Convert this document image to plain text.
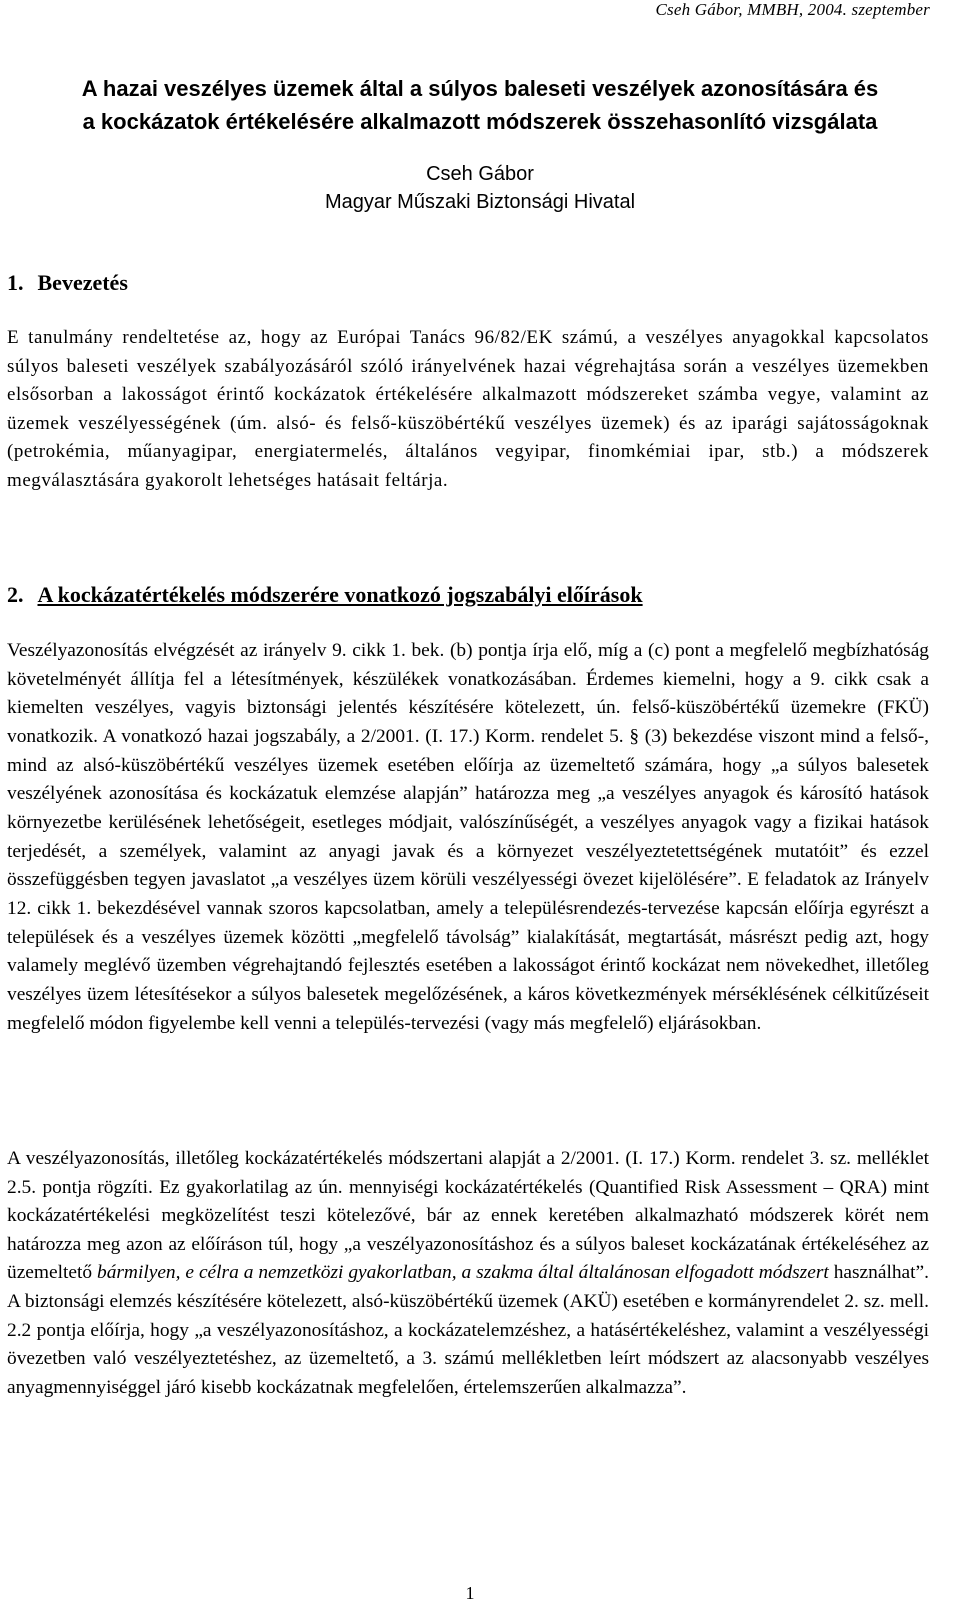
Cseh Gábor, MMBH, 2004. szeptember
A hazai veszélyes üzemek által a súlyos baleseti veszélyek azonosítására és
a kockázatok értékelésére alkalmazott módszerek összehasonlító vizsgálata
Cseh Gábor
Magyar Műszaki Biztonsági Hivatal
1. Bevezetés
E tanulmány rendeltetése az, hogy az Európai Tanács 96/82/EK számú, a veszélyes anyagokkal kapcsolatos súlyos baleseti veszélyek szabályozásáról szóló irányelvének hazai végrehajtása során a veszélyes üzemekben elsősorban a lakosságot érintő kockázatok értékelésére alkalmazott módszereket számba vegye, valamint az üzemek veszélyességének (úm. alsó- és felső-küszöbértékű veszélyes üzemek) és az iparági sajátosságoknak (petrokémia, műanyagipar, energiatermelés, általános vegyipar, finomkémiai ipar, stb.) a módszerek megválasztására gyakorolt lehetséges hatásait feltárja.
2. A kockázatértékelés módszerére vonatkozó jogszabályi előírások
Veszélyazonosítás elvégzését az irányelv 9. cikk 1. bek. (b) pontja írja elő, míg a (c) pont a megfelelő megbízhatóság követelményét állítja fel a létesítmények, készülékek vonatkozásában. Érdemes kiemelni, hogy a 9. cikk csak a kiemelten veszélyes, vagyis biztonsági jelentés készítésére kötelezett, ún. felső-küszöbértékű üzemekre (FKÜ) vonatkozik. A vonatkozó hazai jogszabály, a 2/2001. (I. 17.) Korm. rendelet 5. § (3) bekezdése viszont mind a felső-, mind az alsó-küszöbértékű veszélyes üzemek esetében előírja az üzemeltető számára, hogy „a súlyos balesetek veszélyének azonosítása és kockázatuk elemzése alapján” határozza meg „a veszélyes anyagok és károsító hatások környezetbe kerülésének lehetőségeit, esetleges módjait, valószínűségét, a veszélyes anyagok vagy a fizikai hatások terjedését, a személyek, valamint az anyagi javak és a környezet veszélyeztetettségének mutatóit” és ezzel összefüggésben tegyen javaslatot „a veszélyes üzem körüli veszélyességi övezet kijelölésére”. E feladatok az Irányelv 12. cikk 1. bekezdésével vannak szoros kapcsolatban, amely a településrendezés-tervezése kapcsán előírja egyrészt a települések és a veszélyes üzemek közötti „megfelelő távolság” kialakítását, megtartását, másrészt pedig azt, hogy valamely meglévő üzemben végrehajtandó fejlesztés esetében a lakosságot érintő kockázat nem növekedhet, illetőleg veszélyes üzem létesítésekor a súlyos balesetek megelőzésének, a káros következmények mérséklésének célkitűzéseit megfelelő módon figyelembe kell venni a település-tervezési (vagy más megfelelő) eljárásokban.
A veszélyazonosítás, illetőleg kockázatértékelés módszertani alapját a 2/2001. (I. 17.) Korm. rendelet 3. sz. melléklet 2.5. pontja rögzíti. Ez gyakorlatilag az ún. mennyiségi kockázatértékelés (Quantified Risk Assessment – QRA) mint kockázatértékelési megközelítést teszi kötelezővé, bár az ennek keretében alkalmazható módszerek körét nem határozza meg azon az előíráson túl, hogy „a veszélyazonosításhoz és a súlyos baleset kockázatának értékeléséhez az üzemeltető bármilyen, e célra a nemzetközi gyakorlatban, a szakma által általánosan elfogadott módszert használhat”. A biztonsági elemzés készítésére kötelezett, alsó-küszöbértékű üzemek (AKÜ) esetében e kormányrendelet 2. sz. mell. 2.2 pontja előírja, hogy „a veszélyazonosításhoz, a kockázatelemzéshez, a hatásértékeléshez, valamint a veszélyességi övezetben való veszélyeztetéshez, az üzemeltető, a 3. számú mellékletben leírt módszert az alacsonyabb veszélyes anyagmennyiséggel járó kisebb kockázatnak megfelelően, értelemszerűen alkalmazza”.
1
